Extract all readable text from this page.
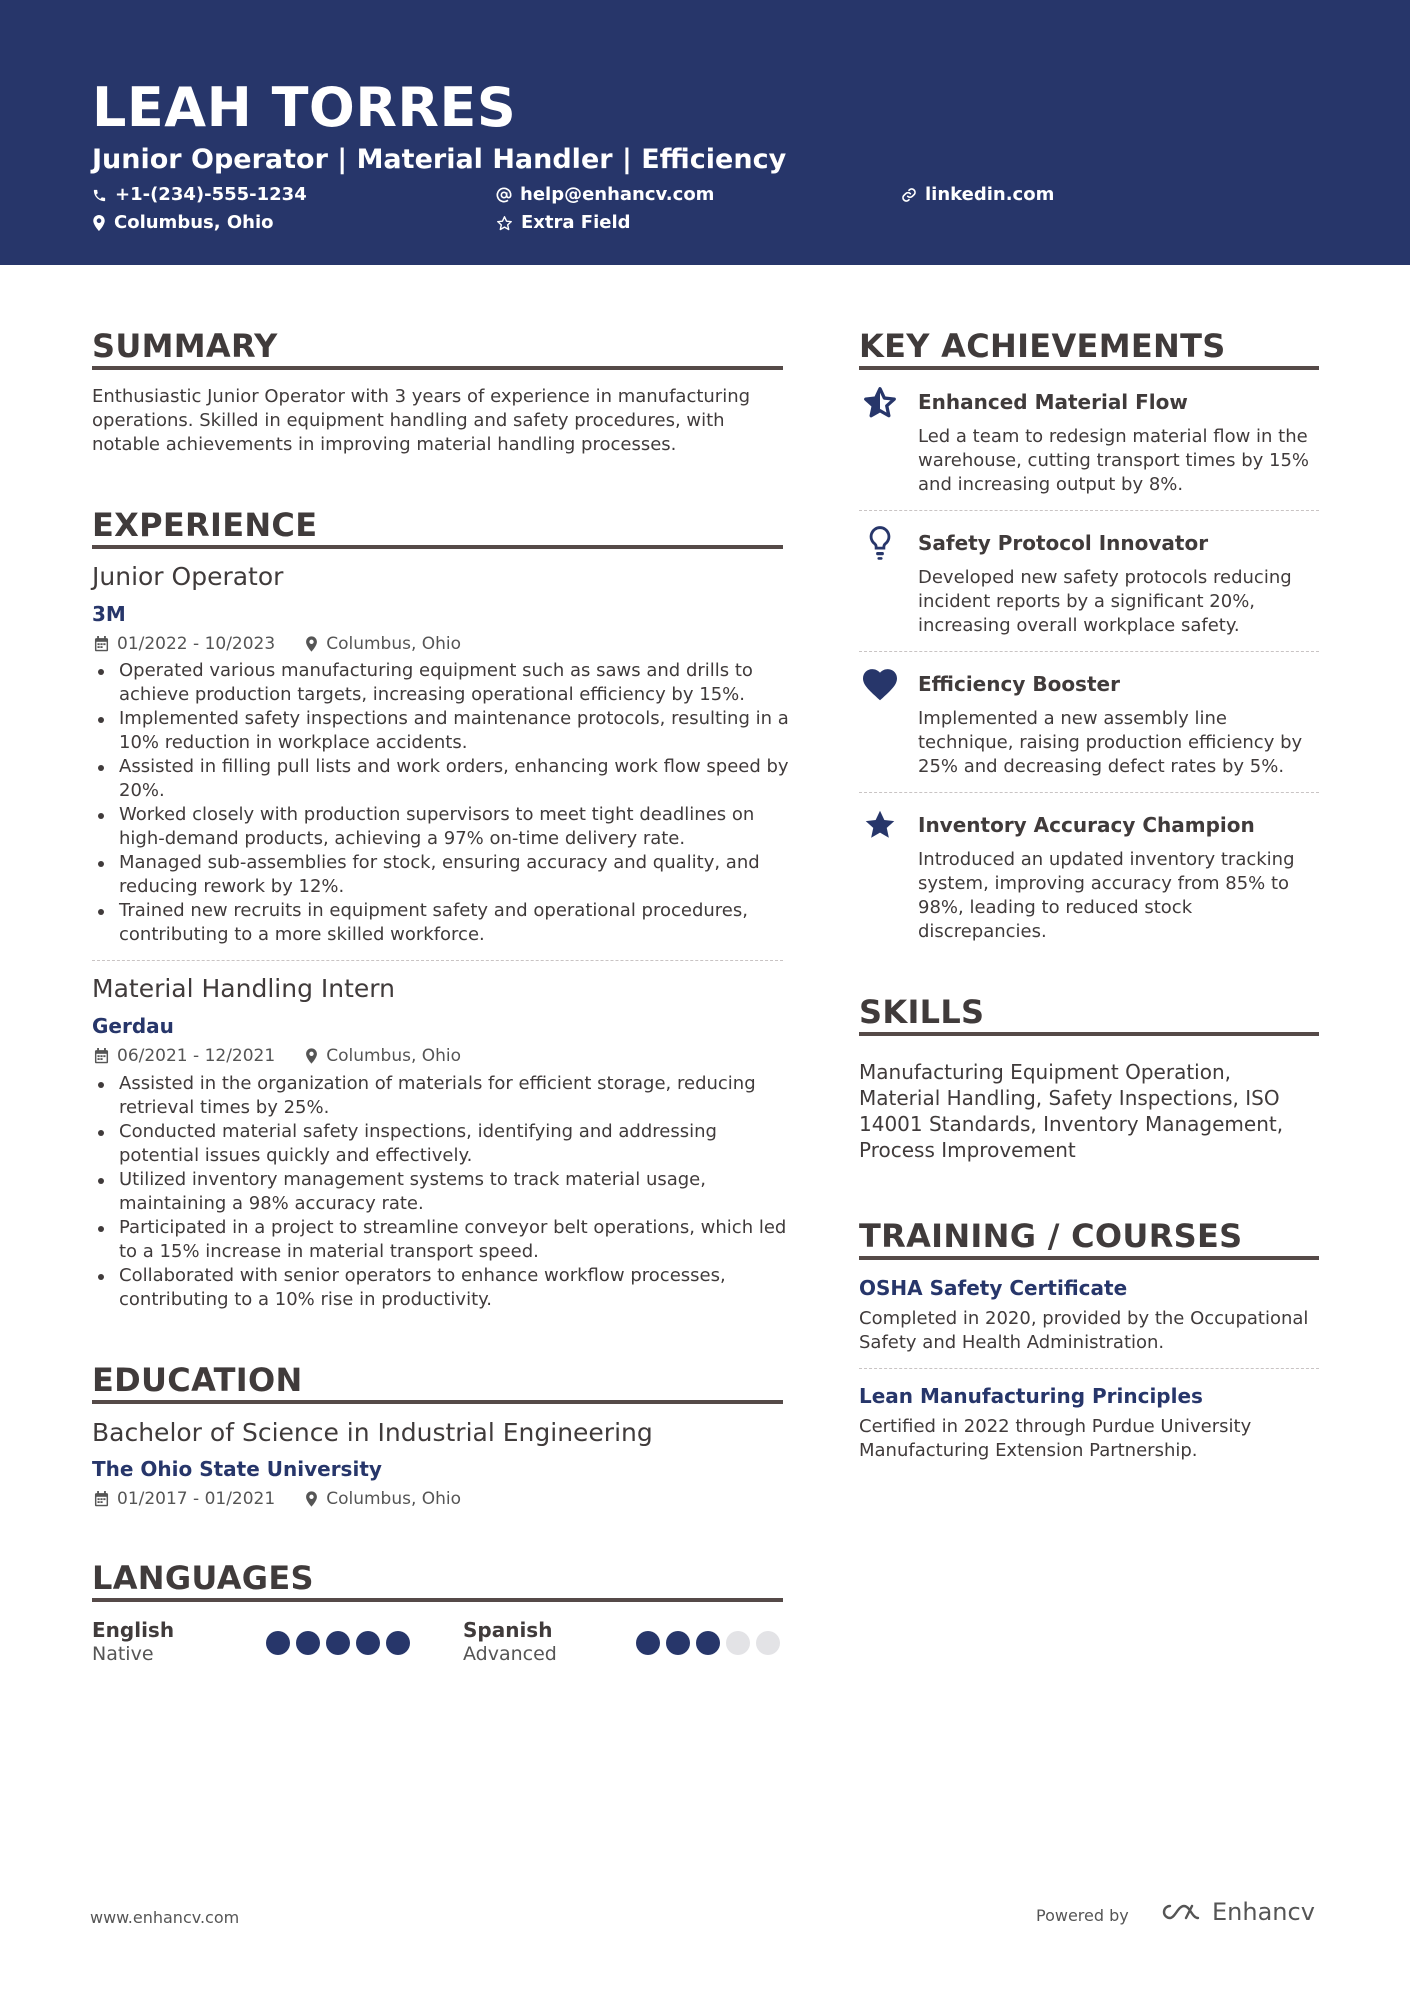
LEAH TORRES
Junior Operator | Material Handler | Efficiency
+1-(234)-555-1234	help@enhancv.com	linkedin.com
Columbus, Ohio	Extra Field
SUMMARY
Enthusiastic Junior Operator with 3 years of experience in manufacturing operations. Skilled in equipment handling and safety procedures, with notable achievements in improving material handling processes.
EXPERIENCE
Junior Operator
3M
01/2022 - 10/2023	Columbus, Ohio
Operated various manufacturing equipment such as saws and drills to achieve production targets, increasing operational efficiency by 15%.
Implemented safety inspections and maintenance protocols, resulting in a 10% reduction in workplace accidents.
Assisted in filling pull lists and work orders, enhancing work flow speed by 20%.
Worked closely with production supervisors to meet tight deadlines on high-demand products, achieving a 97% on-time delivery rate.
Managed sub-assemblies for stock, ensuring accuracy and quality, and reducing rework by 12%.
Trained new recruits in equipment safety and operational procedures, contributing to a more skilled workforce.
Material Handling Intern
Gerdau
06/2021 - 12/2021	Columbus, Ohio
Assisted in the organization of materials for efficient storage, reducing retrieval times by 25%.
Conducted material safety inspections, identifying and addressing potential issues quickly and effectively.
Utilized inventory management systems to track material usage, maintaining a 98% accuracy rate.
Participated in a project to streamline conveyor belt operations, which led to a 15% increase in material transport speed.
Collaborated with senior operators to enhance workflow processes, contributing to a 10% rise in productivity.
EDUCATION
Bachelor of Science in Industrial Engineering
The Ohio State University
01/2017 - 01/2021	Columbus, Ohio
LANGUAGES
English
Native
Spanish
Advanced
KEY ACHIEVEMENTS
Enhanced Material Flow
Led a team to redesign material flow in the warehouse, cutting transport times by 15% and increasing output by 8%.
Safety Protocol Innovator
Developed new safety protocols reducing incident reports by a significant 20%, increasing overall workplace safety.
Efficiency Booster
Implemented a new assembly line technique, raising production efficiency by 25% and decreasing defect rates by 5%.
Inventory Accuracy Champion
Introduced an updated inventory tracking system, improving accuracy from 85% to 98%, leading to reduced stock discrepancies.
SKILLS
Manufacturing Equipment Operation, Material Handling, Safety Inspections, ISO 14001 Standards, Inventory Management, Process Improvement
TRAINING / COURSES
OSHA Safety Certificate
Completed in 2020, provided by the Occupational Safety and Health Administration.
Lean Manufacturing Principles
Certified in 2022 through Purdue University Manufacturing Extension Partnership.
www.enhancv.com	Powered by	Enhancv
